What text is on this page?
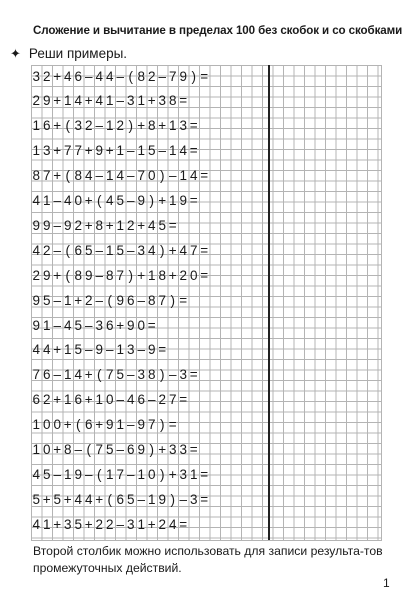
Сложение и вычитание в пределах 100 без скобок и со скобками
✦ Реши примеры.
3 2 + 4 6 – 4 4 – ( 8 2 – 7 9 ) =
2 9 + 1 4 + 4 1 – 3 1 + 3 8 =
1 6 + ( 3 2 – 1 2 ) + 8 + 1 3 =
1 3 + 7 7 + 9 + 1 – 1 5 – 1 4 =
8 7 + ( 8 4 – 1 4 – 7 0 ) – 1 4 =
4 1 – 4 0 + ( 4 5 – 9 ) + 1 9 =
9 9 – 9 2 + 8 + 1 2 + 4 5 =
4 2 – ( 6 5 – 1 5 – 3 4 ) + 4 7 =
2 9 + ( 8 9 – 8 7 ) + 1 8 + 2 0 =
9 5 – 1 + 2 – ( 9 6 – 8 7 ) =
9 1 – 4 5 – 3 6 + 9 0 =
4 4 + 1 5 – 9 – 1 3 – 9 =
7 6 – 1 4 + ( 7 5 – 3 8 ) – 3 =
6 2 + 1 6 + 1 0 – 4 6 – 2 7 =
1 0 0 + ( 6 + 9 1 – 9 7 ) =
1 0 + 8 – ( 7 5 – 6 9 ) + 3 3 =
4 5 – 1 9 – ( 1 7 – 1 0 ) + 3 1 =
5 + 5 + 4 4 + ( 6 5 – 1 9 ) – 3 =
4 1 + 3 5 + 2 2 – 3 1 + 2 4 =
Второй столбик можно использовать для записи результа-тов промежуточных действий.
1
